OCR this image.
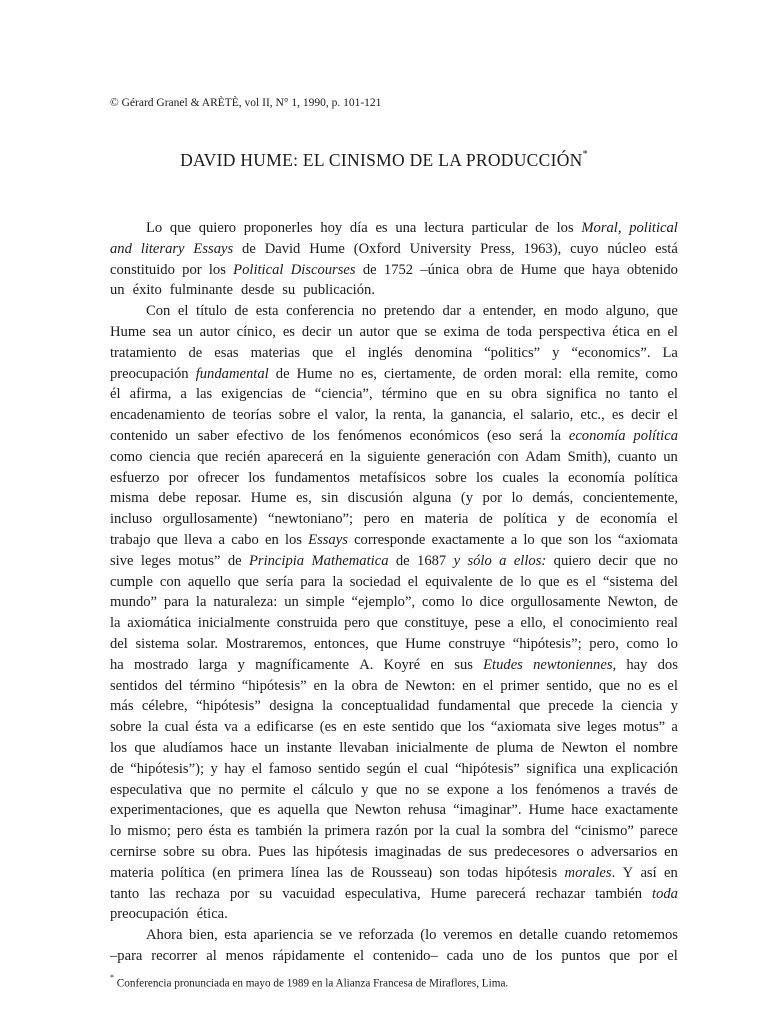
© Gérard Granel & ARÈTÈ, vol II, N° 1, 1990, p. 101-121
DAVID HUME: EL CINISMO DE LA PRODUCCIÓN*
Lo que quiero proponerles hoy día es una lectura particular de los Moral, political
and literary Essays de David Hume (Oxford University Press, 1963), cuyo núcleo está
constituido por los Political Discourses de 1752 –única obra de Hume que haya obtenido
un éxito fulminante desde su publicación.
Con el título de esta conferencia no pretendo dar a entender, en modo alguno, que
Hume sea un autor cínico, es decir un autor que se exima de toda perspectiva ética en el
tratamiento de esas materias que el inglés denomina “politics” y “economics”. La
preocupación fundamental de Hume no es, ciertamente, de orden moral: ella remite, como
él afirma, a las exigencias de “ciencia”, término que en su obra significa no tanto el
encadenamiento de teorías sobre el valor, la renta, la ganancia, el salario, etc., es decir el
contenido un saber efectivo de los fenómenos económicos (eso será la economía política
como ciencia que recién aparecerá en la siguiente generación con Adam Smith), cuanto un
esfuerzo por ofrecer los fundamentos metafísicos sobre los cuales la economía política
misma debe reposar. Hume es, sin discusión alguna (y por lo demás, concientemente,
incluso orgullosamente) “newtoniano”; pero en materia de política y de economía el
trabajo que lleva a cabo en los Essays corresponde exactamente a lo que son los “axiomata
sive leges motus” de Principia Mathematica de 1687 y sólo a ellos: quiero decir que no
cumple con aquello que sería para la sociedad el equivalente de lo que es el “sistema del
mundo” para la naturaleza: un simple “ejemplo”, como lo dice orgullosamente Newton, de
la axiomática inicialmente construida pero que constituye, pese a ello, el conocimiento real
del sistema solar. Mostraremos, entonces, que Hume construye “hipótesis”; pero, como lo
ha mostrado larga y magníficamente A. Koyré en sus Etudes newtoniennes, hay dos
sentidos del término “hipótesis” en la obra de Newton: en el primer sentido, que no es el
más célebre, “hipótesis” designa la conceptualidad fundamental que precede la ciencia y
sobre la cual ésta va a edificarse (es en este sentido que los “axiomata sive leges motus” a
los que aludíamos hace un instante llevaban inicialmente de pluma de Newton el nombre
de “hipótesis”); y hay el famoso sentido según el cual “hipótesis” significa una explicación
especulativa que no permite el cálculo y que no se expone a los fenómenos a través de
experimentaciones, que es aquella que Newton rehusa “imaginar”. Hume hace exactamente
lo mismo; pero ésta es también la primera razón por la cual la sombra del “cinismo” parece
cernirse sobre su obra. Pues las hipótesis imaginadas de sus predecesores o adversarios en
materia política (en primera línea las de Rousseau) son todas hipótesis morales. Y así en
tanto las rechaza por su vacuidad especulativa, Hume parecerá rechazar también toda
preocupación ética.
Ahora bien, esta apariencia se ve reforzada (lo veremos en detalle cuando retomemos
–para recorrer al menos rápidamente el contenido– cada uno de los puntos que por el
* Conferencia pronunciada en mayo de 1989 en la Alianza Francesa de Miraflores, Lima.
